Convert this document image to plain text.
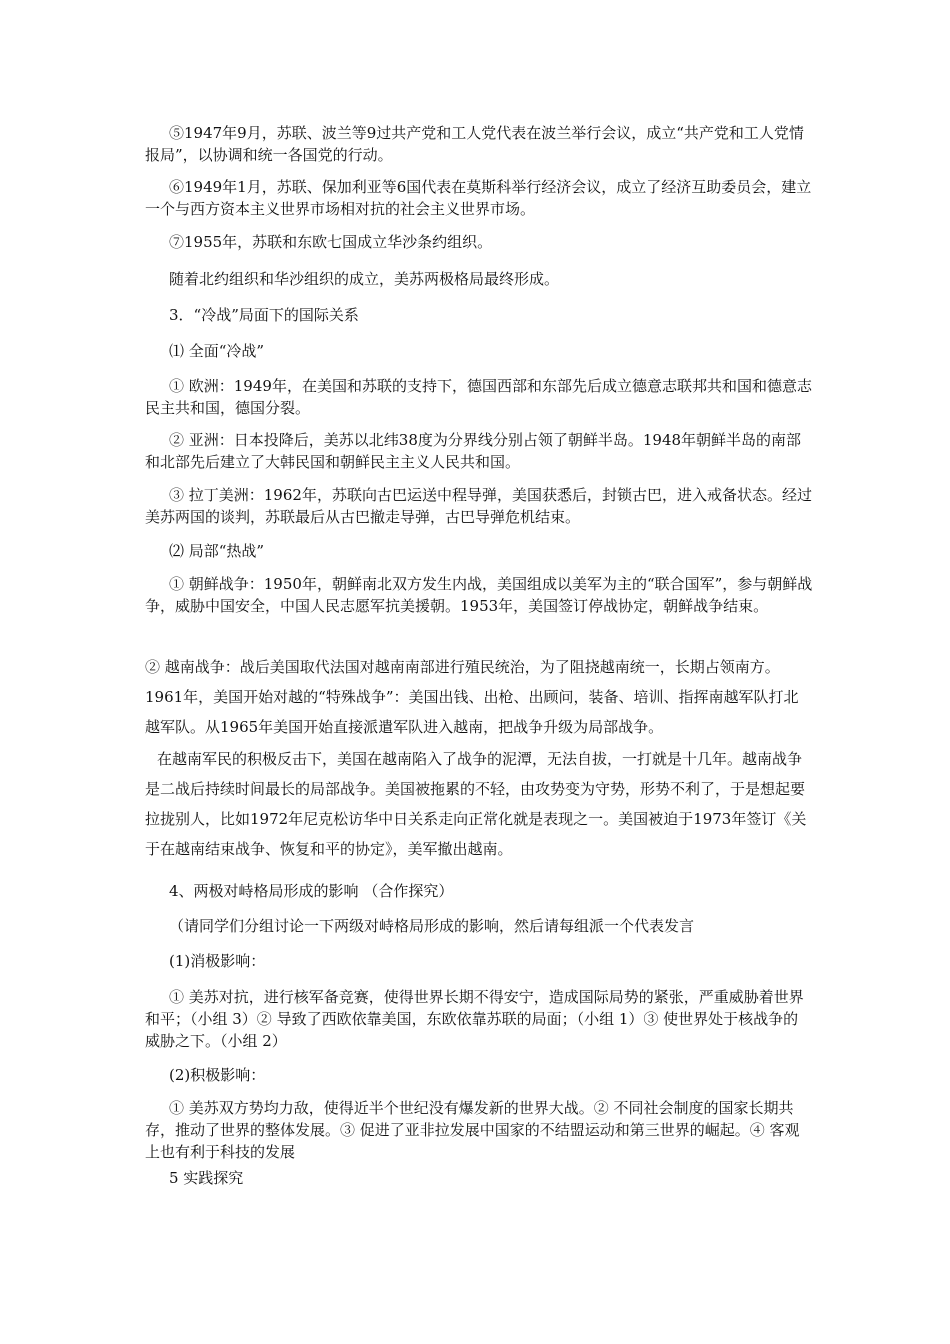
⑤1947年9月，苏联、波兰等9过共产党和工人党代表在波兰举行会议，成立“共产党和工人党情报局”，以协调和统一各国党的行动。

⑥1949年1月，苏联、保加利亚等6国代表在莫斯科举行经济会议，成立了经济互助委员会，建立一个与西方资本主义世界市场相对抗的社会主义世界市场。

⑦1955年，苏联和东欧七国成立华沙条约组织。

随着北约组织和华沙组织的成立，美苏两极格局最终形成。

3．“冷战”局面下的国际关系

⑴ 全面“冷战”

① 欧洲：1949年，在美国和苏联的支持下，德国西部和东部先后成立德意志联邦共和国和德意志民主共和国，德国分裂。

② 亚洲：日本投降后，美苏以北纬38度为分界线分别占领了朝鲜半岛。1948年朝鲜半岛的南部和北部先后建立了大韩民国和朝鲜民主主义人民共和国。

③ 拉丁美洲：1962年，苏联向古巴运送中程导弹，美国获悉后，封锁古巴，进入戒备状态。经过美苏两国的谈判，苏联最后从古巴撤走导弹，古巴导弹危机结束。

⑵ 局部“热战”

① 朝鲜战争：1950年，朝鲜南北双方发生内战，美国组成以美军为主的“联合国军”，参与朝鲜战争，威胁中国安全，中国人民志愿军抗美援朝。1953年，美国签订停战协定，朝鲜战争结束。

② 越南战争：战后美国取代法国对越南南部进行殖民统治，为了阻挠越南统一，长期占领南方。1961年，美国开始对越的“特殊战争”：美国出钱、出枪、出顾问，装备、培训、指挥南越军队打北越军队。从1965年美国开始直接派遣军队进入越南，把战争升级为局部战争。

在越南军民的积极反击下，美国在越南陷入了战争的泥潭，无法自拔，一打就是十几年。越南战争是二战后持续时间最长的局部战争。美国被拖累的不轻，由攻势变为守势，形势不利了，于是想起要拉拢别人，比如1972年尼克松访华中日关系走向正常化就是表现之一。美国被迫于1973年签订《关于在越南结束战争、恢复和平的协定》，美军撤出越南。

4、两极对峙格局形成的影响 （合作探究）

（请同学们分组讨论一下两级对峙格局形成的影响，然后请每组派一个代表发言

(1)消极影响：

① 美苏对抗，进行核军备竞赛，使得世界长期不得安宁，造成国际局势的紧张，严重威胁着世界和平；（小组 3）② 导致了西欧依靠美国，东欧依靠苏联的局面；（小组 1）③ 使世界处于核战争的威胁之下。（小组 2）

(2)积极影响：

① 美苏双方势均力敌，使得近半个世纪没有爆发新的世界大战。② 不同社会制度的国家长期共存，推动了世界的整体发展。③ 促进了亚非拉发展中国家的不结盟运动和第三世界的崛起。④ 客观上也有利于科技的发展

5 实践探究
